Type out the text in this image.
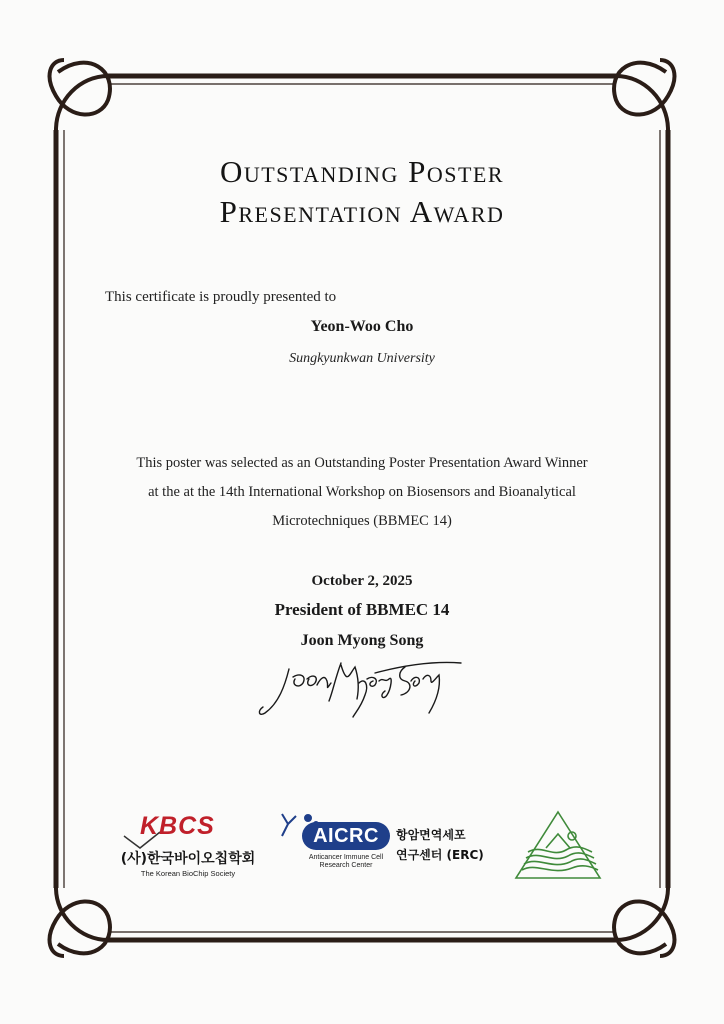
Outstanding Poster
Presentation Award
This certificate is proudly presented to
Yeon-Woo Cho
Sungkyunkwan University
This poster was selected as an Outstanding Poster Presentation Award Winner
at the at the 14th International Workshop on Biosensors and Bioanalytical
Microtechniques (BBMEC 14)
October 2, 2025
President of BBMEC 14
Joon Myong Song
KBCS
(사)한국바이오칩학회
The Korean BioChip Society
AICRC
Anticancer Immune Cell
Research Center
항암면역세포
연구센터 (ERC)
